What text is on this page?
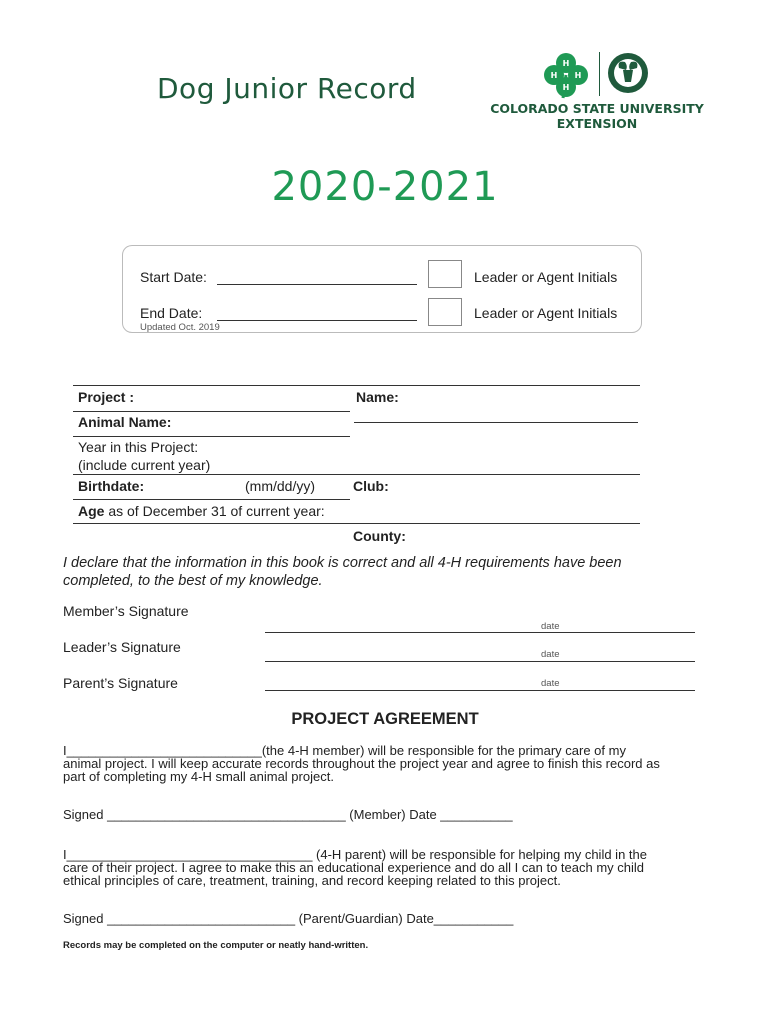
Dog Junior Record
H
H
H
H
COLORADO STATE UNIVERSITY
EXTENSION
2020-2021
Start Date:
End Date:
Updated Oct. 2019
Leader or Agent Initials
Leader or Agent Initials
Project :	Name:
Animal Name:
Year in this Project:
(include current year)
Birthdate:	(mm/dd/yy)	Club:
Age as of December 31 of current year:
County:
I declare that the information in this book is correct and all 4-H requirements have been completed, to the best of my knowledge.
Member’s Signature
date
Leader’s Signature	date
Parent’s Signature	date
PROJECT AGREEMENT
I___________________________(the 4-H member) will be responsible for the primary care of my
animal project. I will keep accurate records throughout the project year and agree to finish this record as
part of completing my 4-H small animal project.
Signed _________________________________ (Member) Date __________
I__________________________________ (4-H parent) will be responsible for helping my child in the
care of their project. I agree to make this an educational experience and do all I can to teach my child
ethical principles of care, treatment, training, and record keeping related to this project.
Signed __________________________ (Parent/Guardian) Date___________
Records may be completed on the computer or neatly hand-written.
